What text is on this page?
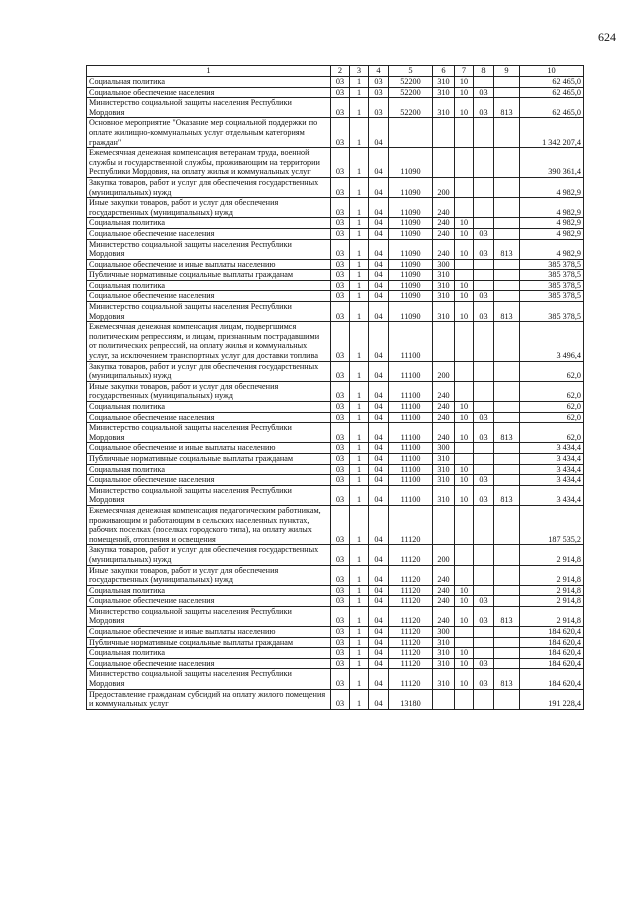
624
1	2	3	4	5	6	7	8	9	10
Социальная политика	03	1	03	52200	310	10			62 465,0
Социальное обеспечение населения	03	1	03	52200	310	10	03		62 465,0
Министерство социальной защиты населения Республики Мордовия	03	1	03	52200	310	10	03	813	62 465,0
Основное мероприятие "Оказание мер социальной поддержки по оплате жилищно-коммунальных услуг отдельным категориям граждан"	03	1	04						1 342 207,4
Ежемесячная денежная компенсация ветеранам труда, военной службы и государственной службы, проживающим на территории Республики Мордовия, на оплату жилья и коммунальных услуг	03	1	04	11090					390 361,4
Закупка товаров, работ и услуг для обеспечения государственных (муниципальных) нужд	03	1	04	11090	200				4 982,9
Иные закупки товаров, работ и услуг для обеспечения государственных (муниципальных) нужд	03	1	04	11090	240				4 982,9
Социальная политика	03	1	04	11090	240	10			4 982,9
Социальное обеспечение населения	03	1	04	11090	240	10	03		4 982,9
Министерство социальной защиты населения Республики Мордовия	03	1	04	11090	240	10	03	813	4 982,9
Социальное обеспечение и иные выплаты населению	03	1	04	11090	300				385 378,5
Публичные нормативные социальные выплаты гражданам	03	1	04	11090	310				385 378,5
Социальная политика	03	1	04	11090	310	10			385 378,5
Социальное обеспечение населения	03	1	04	11090	310	10	03		385 378,5
Министерство социальной защиты населения Республики Мордовия	03	1	04	11090	310	10	03	813	385 378,5
Ежемесячная денежная компенсация лицам, подвергшимся политическим репрессиям, и лицам, признанным пострадавшими от политических репрессий, на оплату жилья и коммунальных услуг, за исключением транспортных услуг для доставки топлива	03	1	04	11100					3 496,4
Закупка товаров, работ и услуг для обеспечения государственных (муниципальных) нужд	03	1	04	11100	200				62,0
Иные закупки товаров, работ и услуг для обеспечения государственных (муниципальных) нужд	03	1	04	11100	240				62,0
Социальная политика	03	1	04	11100	240	10			62,0
Социальное обеспечение населения	03	1	04	11100	240	10	03		62,0
Министерство социальной защиты населения Республики Мордовия	03	1	04	11100	240	10	03	813	62,0
Социальное обеспечение и иные выплаты населению	03	1	04	11100	300				3 434,4
Публичные нормативные социальные выплаты гражданам	03	1	04	11100	310				3 434,4
Социальная политика	03	1	04	11100	310	10			3 434,4
Социальное обеспечение населения	03	1	04	11100	310	10	03		3 434,4
Министерство социальной защиты населения Республики Мордовия	03	1	04	11100	310	10	03	813	3 434,4
Ежемесячная денежная компенсация педагогическим работникам, проживающим и работающим в сельских населенных пунктах, рабочих поселках (поселках городского типа), на оплату жилых помещений, отопления и освещения	03	1	04	11120					187 535,2
Закупка товаров, работ и услуг для обеспечения государственных (муниципальных) нужд	03	1	04	11120	200				2 914,8
Иные закупки товаров, работ и услуг для обеспечения государственных (муниципальных) нужд	03	1	04	11120	240				2 914,8
Социальная политика	03	1	04	11120	240	10			2 914,8
Социальное обеспечение населения	03	1	04	11120	240	10	03		2 914,8
Министерство социальной защиты населения Республики Мордовия	03	1	04	11120	240	10	03	813	2 914,8
Социальное обеспечение и иные выплаты населению	03	1	04	11120	300				184 620,4
Публичные нормативные социальные выплаты гражданам	03	1	04	11120	310				184 620,4
Социальная политика	03	1	04	11120	310	10			184 620,4
Социальное обеспечение населения	03	1	04	11120	310	10	03		184 620,4
Министерство социальной защиты населения Республики Мордовия	03	1	04	11120	310	10	03	813	184 620,4
Предоставление гражданам субсидий на оплату жилого помещения и коммунальных услуг	03	1	04	13180					191 228,4
